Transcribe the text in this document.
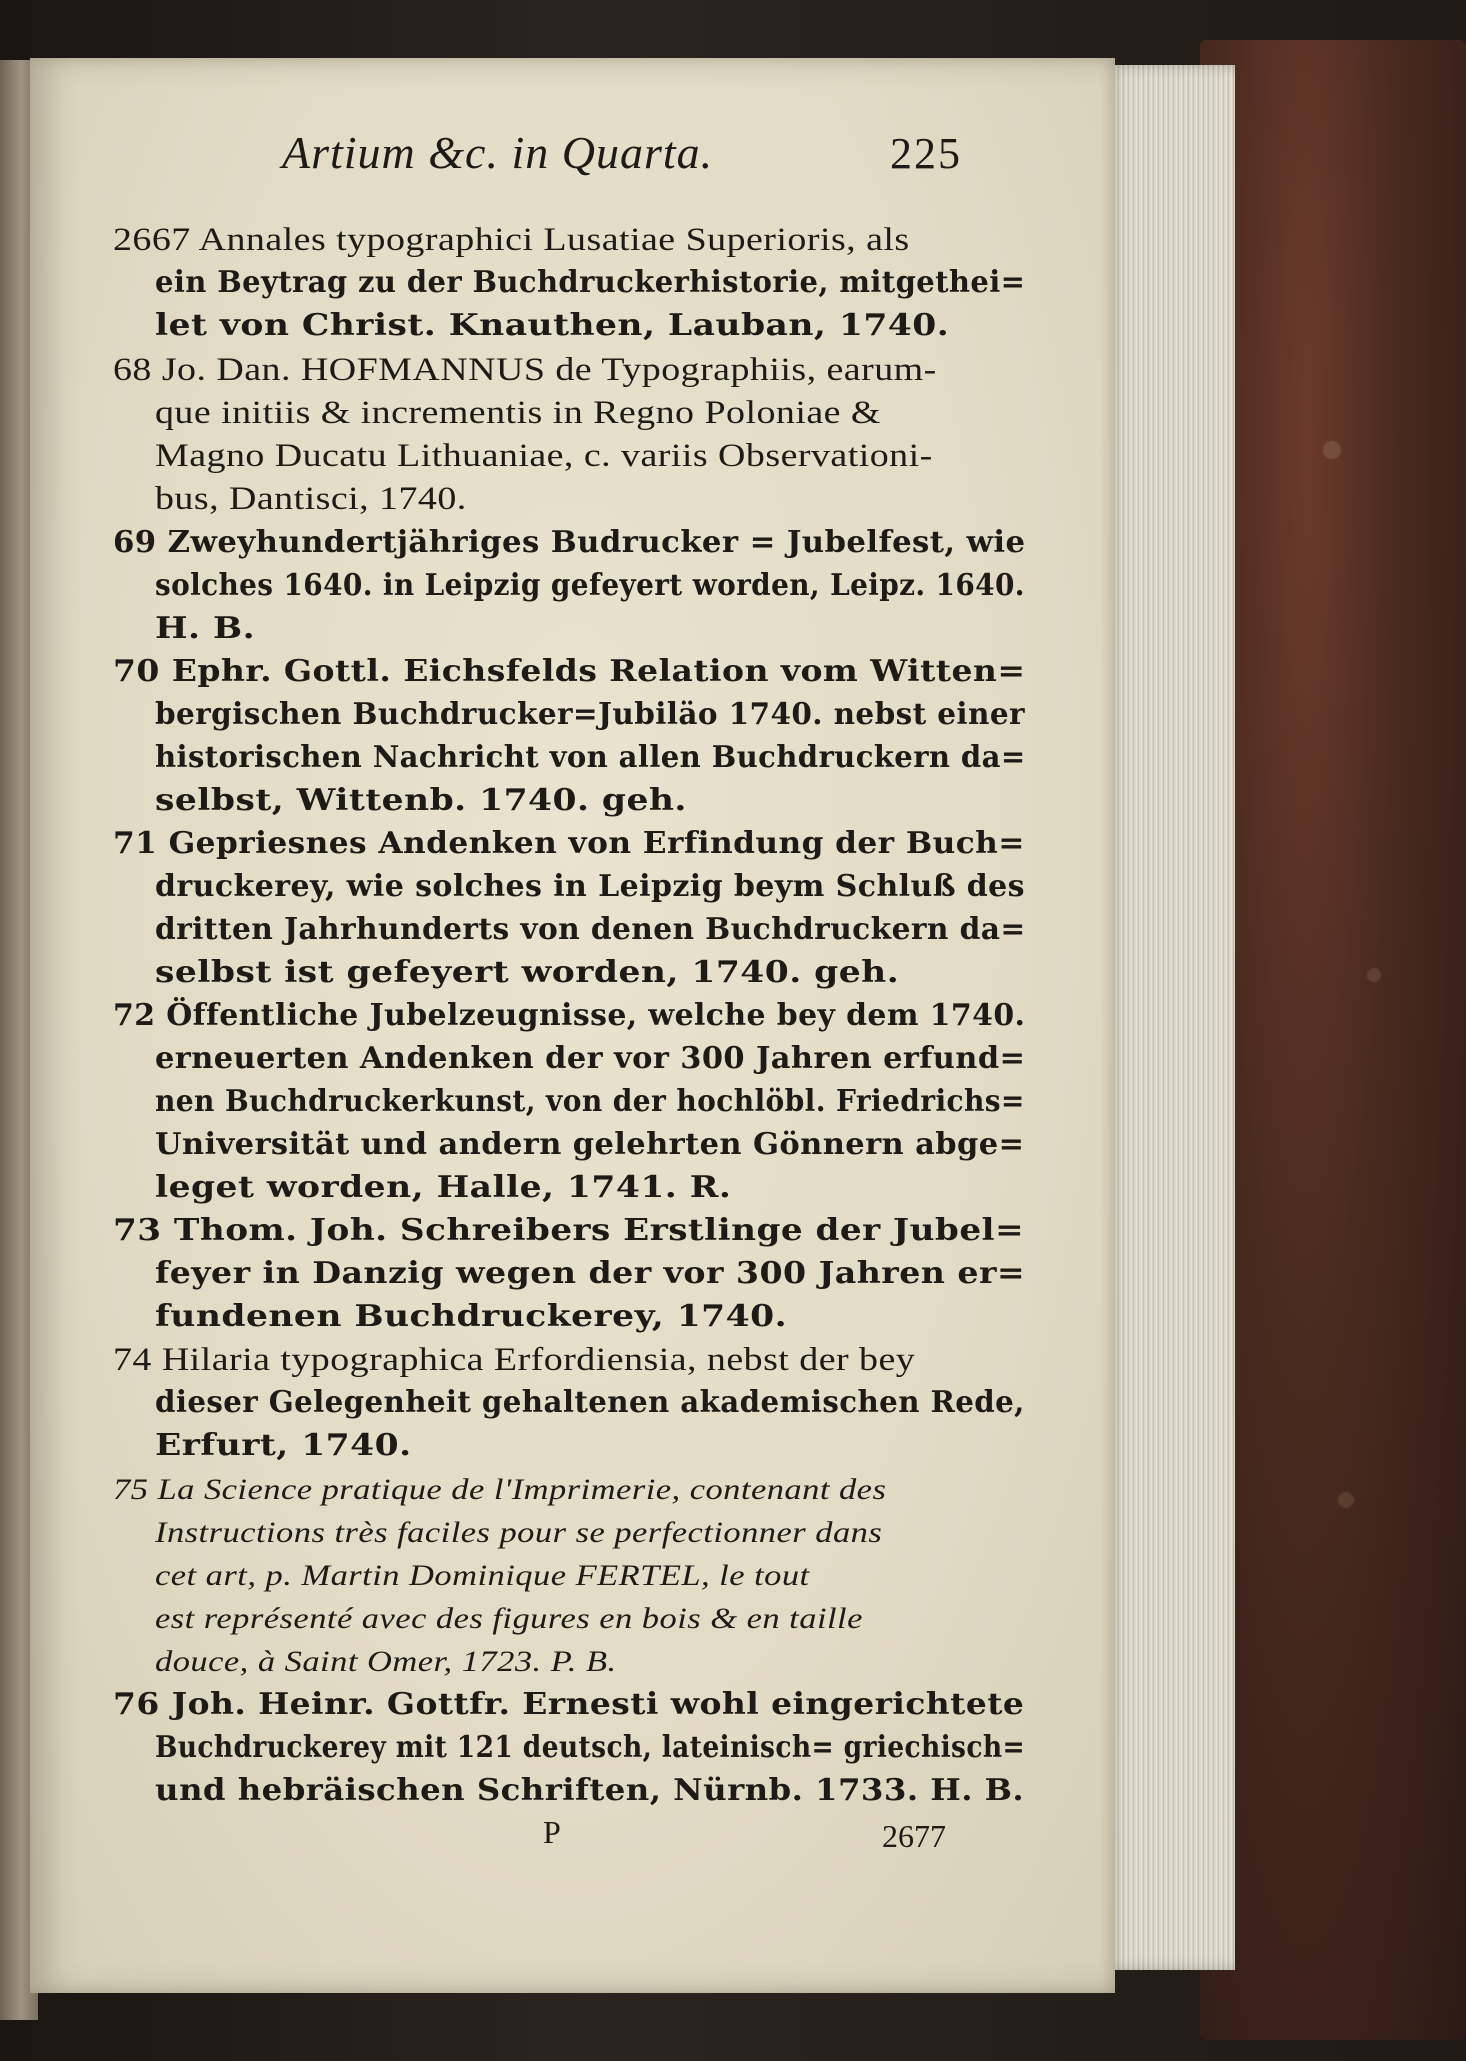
Artium &c. in Quarta.	225
2667 Annales typographici Lusatiae Superioris, als
ein Beytrag zu der Buchdruckerhistorie, mitgethei=
let von Christ. Knauthen, Lauban, 1740.
68 Jo. Dan. HOFMANNUS de Typographiis, earum-
que initiis & incrementis in Regno Poloniae &
Magno Ducatu Lithuaniae, c. variis Observationi-
bus, Dantisci, 1740.
69 Zweyhundertjähriges Budrucker = Jubelfest, wie
solches 1640. in Leipzig gefeyert worden, Leipz. 1640.
H. B.
70 Ephr. Gottl. Eichsfelds Relation vom Witten=
bergischen Buchdrucker=Jubiläo 1740. nebst einer
historischen Nachricht von allen Buchdruckern da=
selbst, Wittenb. 1740. geh.
71 Gepriesnes Andenken von Erfindung der Buch=
druckerey, wie solches in Leipzig beym Schluß des
dritten Jahrhunderts von denen Buchdruckern da=
selbst ist gefeyert worden, 1740. geh.
72 Öffentliche Jubelzeugnisse, welche bey dem 1740.
erneuerten Andenken der vor 300 Jahren erfund=
nen Buchdruckerkunst, von der hochlöbl. Friedrichs=
Universität und andern gelehrten Gönnern abge=
leget worden, Halle, 1741. R.
73 Thom. Joh. Schreibers Erstlinge der Jubel=
feyer in Danzig wegen der vor 300 Jahren er=
fundenen Buchdruckerey, 1740.
74 Hilaria typographica Erfordiensia, nebst der bey
dieser Gelegenheit gehaltenen akademischen Rede,
Erfurt, 1740.
75 La Science pratique de l'Imprimerie, contenant des
Instructions très faciles pour se perfectionner dans
cet art, p. Martin Dominique FERTEL, le tout
est représenté avec des figures en bois & en taille
douce, à Saint Omer, 1723. P. B.
76 Joh. Heinr. Gottfr. Ernesti wohl eingerichtete
Buchdruckerey mit 121 deutsch, lateinisch= griechisch=
und hebräischen Schriften, Nürnb. 1733. H. B.
P	2677
